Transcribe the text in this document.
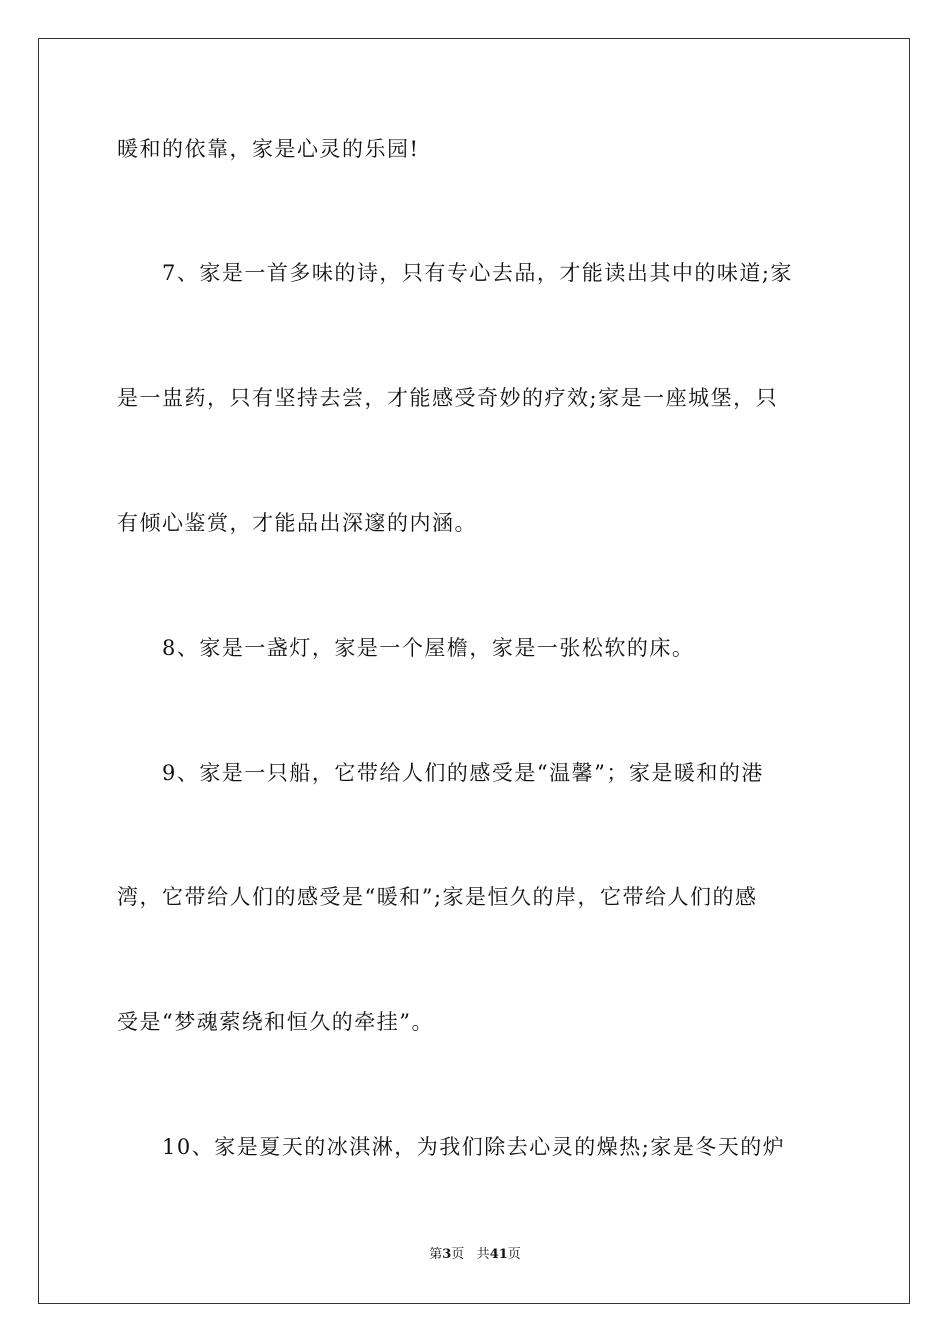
暖和的依靠，家是心灵的乐园!
7、家是一首多味的诗，只有专心去品，才能读出其中的味道;家
是一盅药，只有坚持去尝，才能感受奇妙的疗效;家是一座城堡，只
有倾心鉴赏，才能品出深邃的内涵。
8、家是一盏灯，家是一个屋檐，家是一张松软的床。
9、家是一只船，它带给人们的感受是“温馨”；家是暖和的港
湾，它带给人们的感受是“暖和”;家是恒久的岸，它带给人们的感
受是“梦魂萦绕和恒久的牵挂”。
10、家是夏天的冰淇淋，为我们除去心灵的燥热;家是冬天的炉
第3页 共41页
